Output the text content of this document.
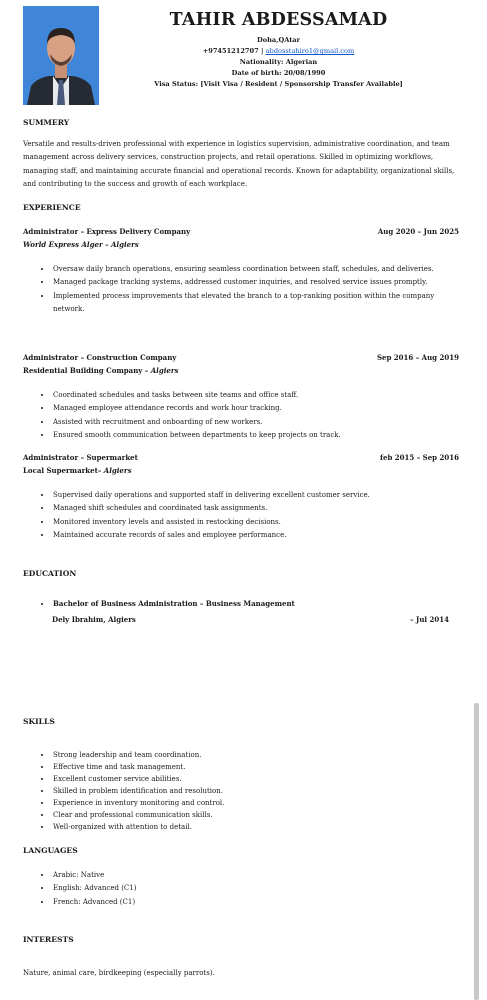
TAHIR ABDESSAMAD
Doha,QAtar
+97451212707 | abdosstahiro1@gmail.com
Nationality: Algerian
Date of birth: 20/08/1990
Visa Status: [Visit Visa / Resident / Sponsorship Transfer Available]
SUMMERY
Versatile and results-driven professional with experience in logistics supervision, administrative coordination, and team management across delivery services, construction projects, and retail operations. Skilled in optimizing workflows, managing staff, and maintaining accurate financial and operational records. Known for adaptability, organizational skills, and contributing to the success and growth of each workplace.
EXPERIENCE
Administrator – Express Delivery Company	Aug 2020 – Jun 2025
World Express Alger – Algiers
• Oversaw daily branch operations, ensuring seamless coordination between staff, schedules, and deliveries.
• Managed package tracking systems, addressed customer inquiries, and resolved service issues promptly.
• Implemented process improvements that elevated the branch to a top-ranking position within the company network.
Administrator – Construction Company	Sep 2016 – Aug 2019
Residential Building Company – Algiers
• Coordinated schedules and tasks between site teams and office staff.
• Managed employee attendance records and work hour tracking.
• Assisted with recruitment and onboarding of new workers.
• Ensured smooth communication between departments to keep projects on track.
Administrator – Supermarket	feb 2015 – Sep 2016
Local Supermarket– Algiers
• Supervised daily operations and supported staff in delivering excellent customer service.
• Managed shift schedules and coordinated task assignments.
• Monitored inventory levels and assisted in restocking decisions.
• Maintained accurate records of sales and employee performance.
EDUCATION
• Bachelor of Business Administration – Business Management
Dely Ibrahim, Algiers	– Jul 2014
SKILLS
• Strong leadership and team coordination.
• Effective time and task management.
• Excellent customer service abilities.
• Skilled in problem identification and resolution.
• Experience in inventory monitoring and control.
• Clear and professional communication skills.
• Well-organized with attention to detail.
LANGUAGES
• Arabic: Native
• English: Advanced (C1)
• French: Advanced (C1)
INTERESTS
Nature, animal care, birdkeeping (especially parrots).
